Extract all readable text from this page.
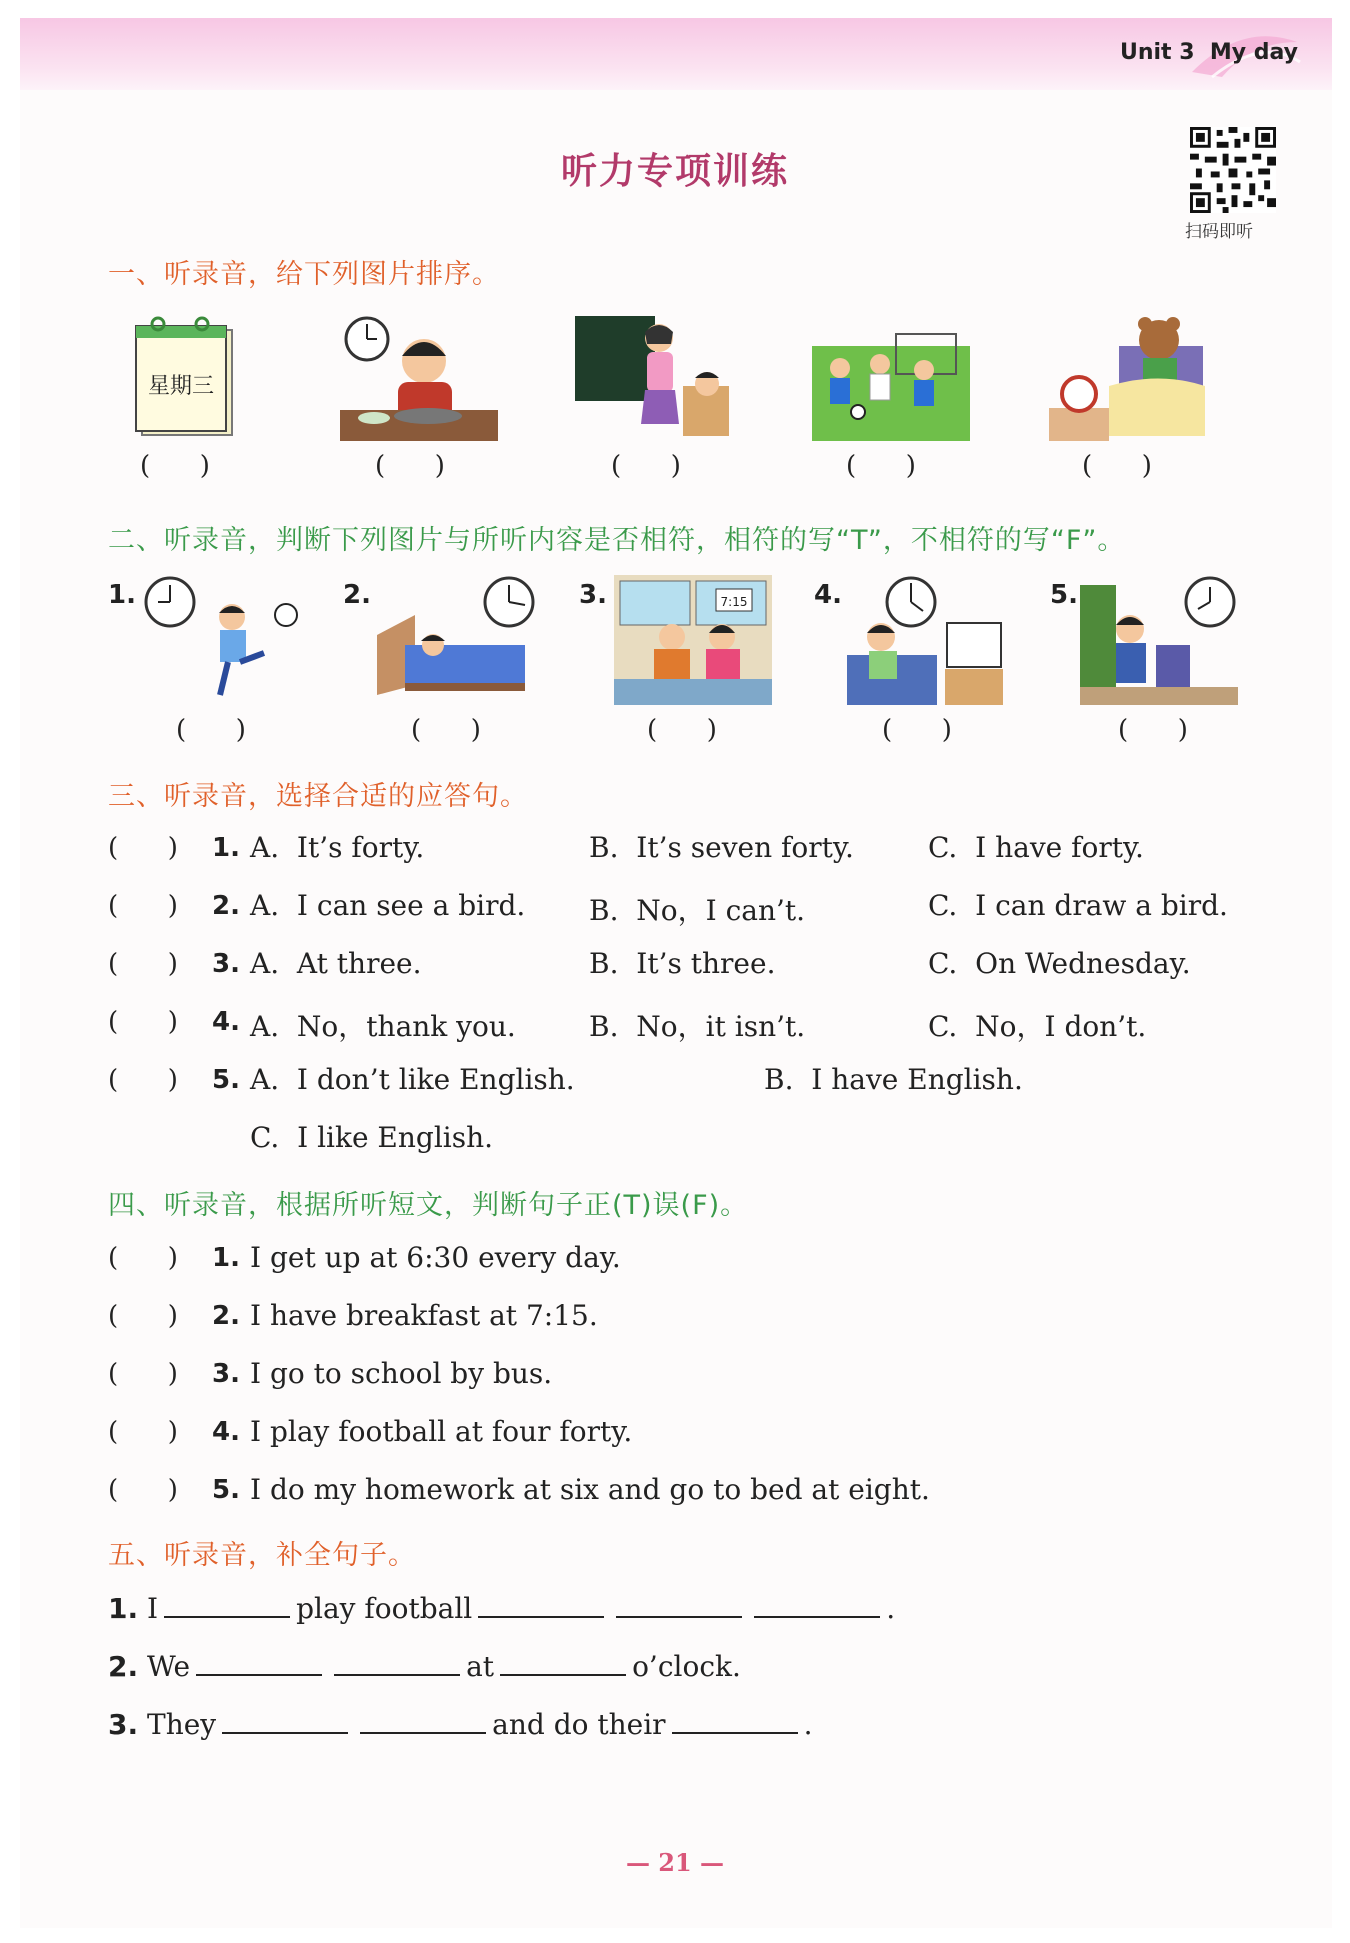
Unit 3 My day
听力专项训练
扫码即听
一、听录音，给下列图片排序。
星期三
(      )	(      )	(      )	(      )	(      )
二、听录音，判断下列图片与所听内容是否相符，相符的写“T”，不相符的写“F”。
1.	2.	3.	4.	5.
7:15
(      )	(      )	(      )	(      )	(      )
三、听录音，选择合适的应答句。
(      ) 1. A.  It’s forty.	B.  It’s seven forty.	C.  I have forty.
(      ) 2. A.  I can see a bird. B.  No，I can’t.	C.  I can draw a bird.
(      ) 3. A.  At three.	B.  It’s three.	C.  On Wednesday.
(      ) 4. A.  No，thank you.	B.  No，it isn’t.	C.  No，I don’t.
(      ) 5. A.  I don’t like English.	B.  I have English.
C.  I like English.
四、听录音，根据所听短文，判断句子正(T)误(F)。
(      ) 1. I get up at 6:30 every day.
(      ) 2. I have breakfast at 7:15.
(      ) 3. I go to school by bus.
(      ) 4. I play football at four forty.
(      ) 5. I do my homework at six and go to bed at eight.
五、听录音，补全句子。
1. I	play football	.
2. We	at	o’clock.
3. They	and do their	.
— 21 —
